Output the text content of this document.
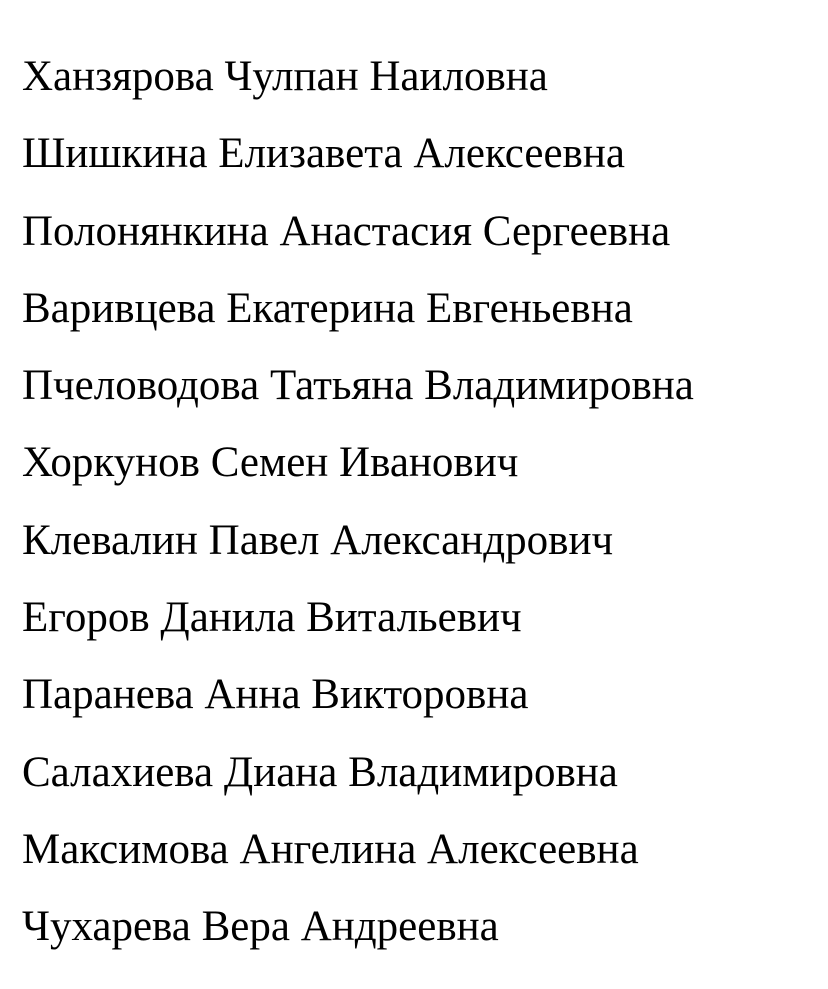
Ханзярова Чулпан Наиловна
Шишкина Елизавета Алексеевна
Полонянкина Анастасия Сергеевна
Варивцева Екатерина Евгеньевна
Пчеловодова Татьяна Владимировна
Хоркунов Семен Иванович
Клевалин Павел Александрович
Егоров Данила Витальевич
Паранева Анна Викторовна
Салахиева Диана Владимировна
Максимова Ангелина Алексеевна
Чухарева Вера Андреевна
